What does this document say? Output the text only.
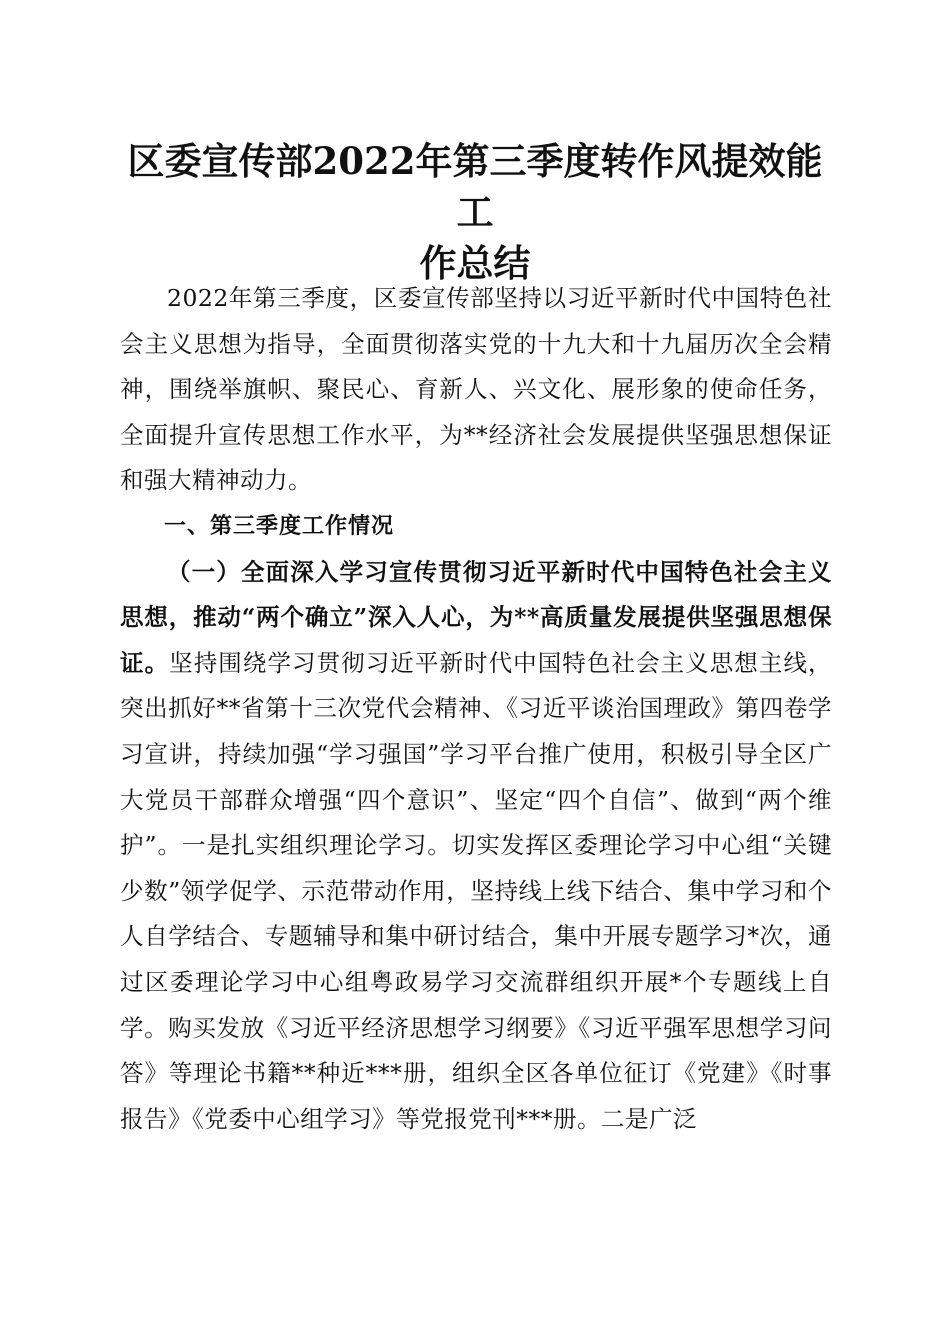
区委宣传部2022年第三季度转作风提效能工
作总结

2022年第三季度，区委宣传部坚持以习近平新时代中国特色社会主义思想为指导，全面贯彻落实党的十九大和十九届历次全会精神，围绕举旗帜、聚民心、育新人、兴文化、展形象的使命任务，全面提升宣传思想工作水平，为**经济社会发展提供坚强思想保证和强大精神动力。

一、第三季度工作情况

（一）全面深入学习宣传贯彻习近平新时代中国特色社会主义思想，推动“两个确立”深入人心，为**高质量发展提供坚强思想保证。坚持围绕学习贯彻习近平新时代中国特色社会主义思想主线，突出抓好**省第十三次党代会精神、《习近平谈治国理政》第四卷学习宣讲，持续加强“学习强国”学习平台推广使用，积极引导全区广大党员干部群众增强“四个意识”、坚定“四个自信”、做到“两个维护”。一是扎实组织理论学习。切实发挥区委理论学习中心组“关键少数”领学促学、示范带动作用，坚持线上线下结合、集中学习和个人自学结合、专题辅导和集中研讨结合，集中开展专题学习*次，通过区委理论学习中心组粤政易学习交流群组织开展*个专题线上自学。购买发放《习近平经济思想学习纲要》《习近平强军思想学习问答》等理论书籍**种近***册，组织全区各单位征订《党建》《时事报告》《党委中心组学习》等党报党刊***册。二是广泛
